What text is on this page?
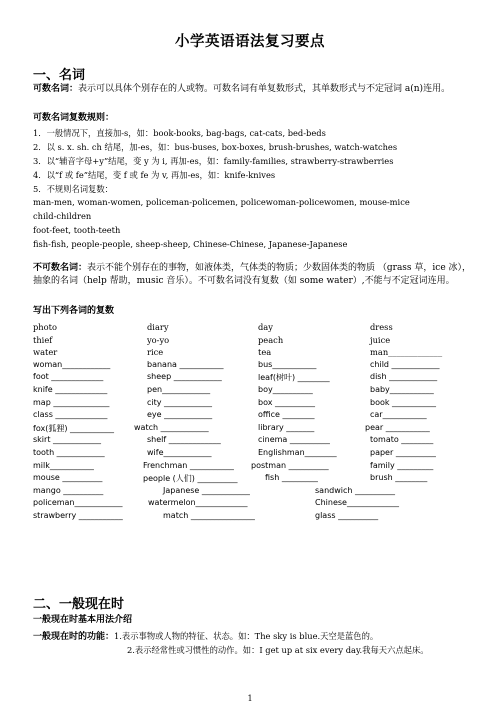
小学英语语法复习要点
一、名词
可数名词：表示可以具体个别存在的人或物。可数名词有单复数形式，其单数形式与不定冠词 a(n)连用。
可数名词复数规则：
1．一般情况下，直接加-s，如：book-books, bag-bags, cat-cats, bed-beds
2．以 s. x. sh. ch 结尾，加-es，如：bus-buses, box-boxes, brush-brushes, watch-watches
3．以“辅音字母+y”结尾，变 y 为 i, 再加-es，如：family-families, strawberry-strawberries
4．以“f 或 fe”结尾，变 f 或 fe 为 v, 再加-es，如：knife-knives
5．不规则名词复数：
man-men, woman-women, policeman-policemen, policewoman-policewomen, mouse-mice
child-children
foot-feet, tooth-teeth
fish-fish, people-people, sheep-sheep, Chinese-Chinese, Japanese-Japanese
不可数名词：表示不能个别存在的事物，如液体类，气体类的物质；少数固体类的物质 （grass 草，ice 冰），抽象的名词（help 帮助，music 音乐）。不可数名词没有复数（如 some water）,不能与不定冠词连用。
写出下列各词的复数
photo	diary	day	dress
thief	yo-yo	peach	juice
water	rice	tea	man_____________
woman____________	banana ___________	bus___________	child ____________
foot _____________	sheep ____________	leaf(树叶) ________	dish ____________
knife _____________	pen____________	boy__________	baby___________
map ______________	city ____________	box __________	book ___________
class _____________	eye ____________	office ________	car___________
fox(狐狸) ___________	watch ____________	library _______	pear ___________
skirt ____________	shelf _____________	cinema __________	tomato ________
tooth ____________	wife____________	Englishman________	paper __________
milk___________	Frenchman ___________ postman __________	family _________
mouse __________	people (人们) __________	fish _________	brush ________
mango __________	Japanese ____________	sandwich __________
policeman____________	watermelon_____________	Chinese_____________
strawberry ___________	match ________________	glass __________
二、一般现在时
一般现在时基本用法介绍
一般现在时的功能：1.表示事物或人物的特征、状态。如：The sky is blue.天空是蓝色的。
2.表示经常性或习惯性的动作。如：I get up at six every day.我每天六点起床。
1
